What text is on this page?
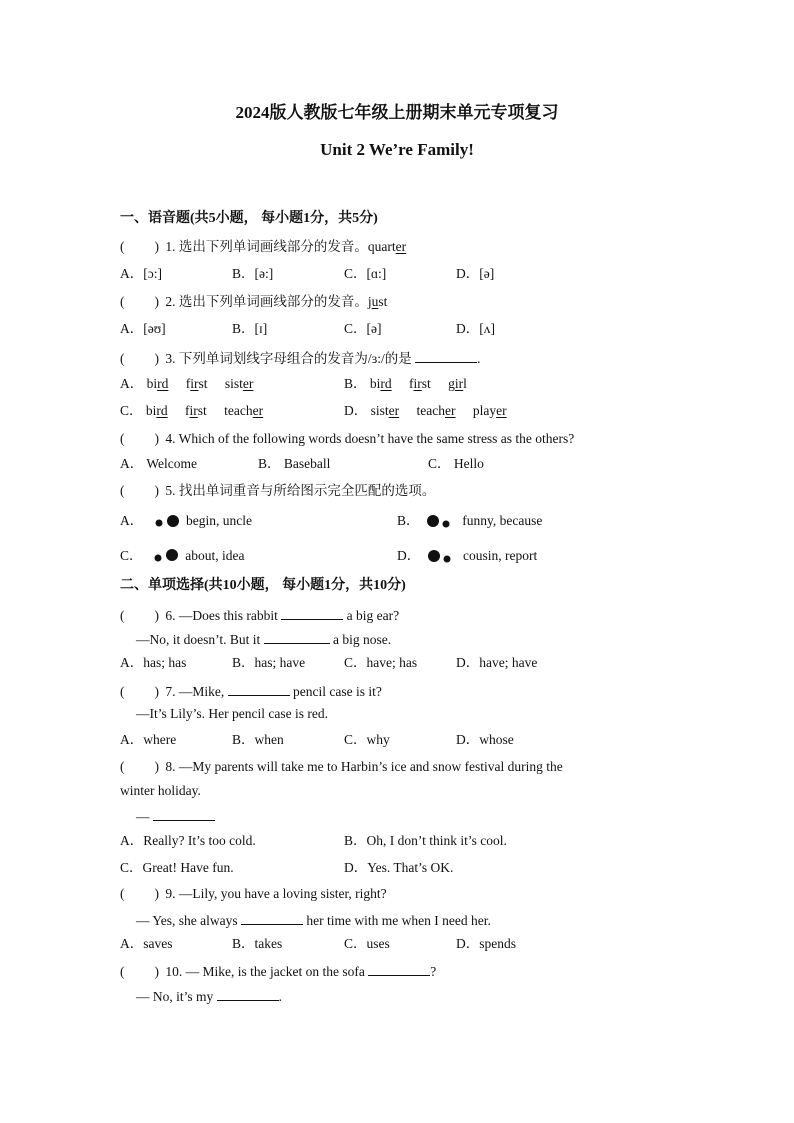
2024版人教版七年级上册期末单元专项复习
Unit 2 We’re Family!
一、语音题(共5小题， 每小题1分，共5分)
( ) 1. 选出下列单词画线部分的发音。quarter
A．[ɔ:]	B．[ə:]	C．[ɑ:]	D．[ə]
( ) 2. 选出下列单词画线部分的发音。just
A．[əʊ]	B．[ɪ]	C．[ə]	D．[ʌ]
( ) 3. 下列单词划线字母组合的发音为/ɜ:/的是	.
A． bird first sister	B． bird first girl
C． bird first teacher	D． sister teacher player
( ) 4. Which of the following words doesn’t have the same stress as the others?
A． Welcome	B． Baseball	C． Hello
( ) 5. 找出单词重音与所给图示完全匹配的选项。
A．	begin, uncle	B．	funny, because
C．	about, idea	D．	cousin, report
二、单项选择(共10小题， 每小题1分，共10分)
( ) 6. —Does this rabbit	a big ear?
—No, it doesn’t. But it	a big nose.
A．has; has	B．has; have	C．have; has	D．have; have
( ) 7. —Mike,	pencil case is it?
—It’s Lily’s. Her pencil case is red.
A．where	B．when	C．why	D．whose
( ) 8. —My parents will take me to Harbin’s ice and snow festival during the
winter holiday.
—
A．Really? It’s too cold.	B．Oh, I don’t think it’s cool.
C．Great! Have fun.	D．Yes. That’s OK.
( ) 9. —Lily, you have a loving sister, right?
— Yes, she always	her time with me when I need her.
A．saves	B．takes	C．uses	D．spends
( ) 10. — Mike, is the jacket on the sofa	?
— No, it’s my	.
